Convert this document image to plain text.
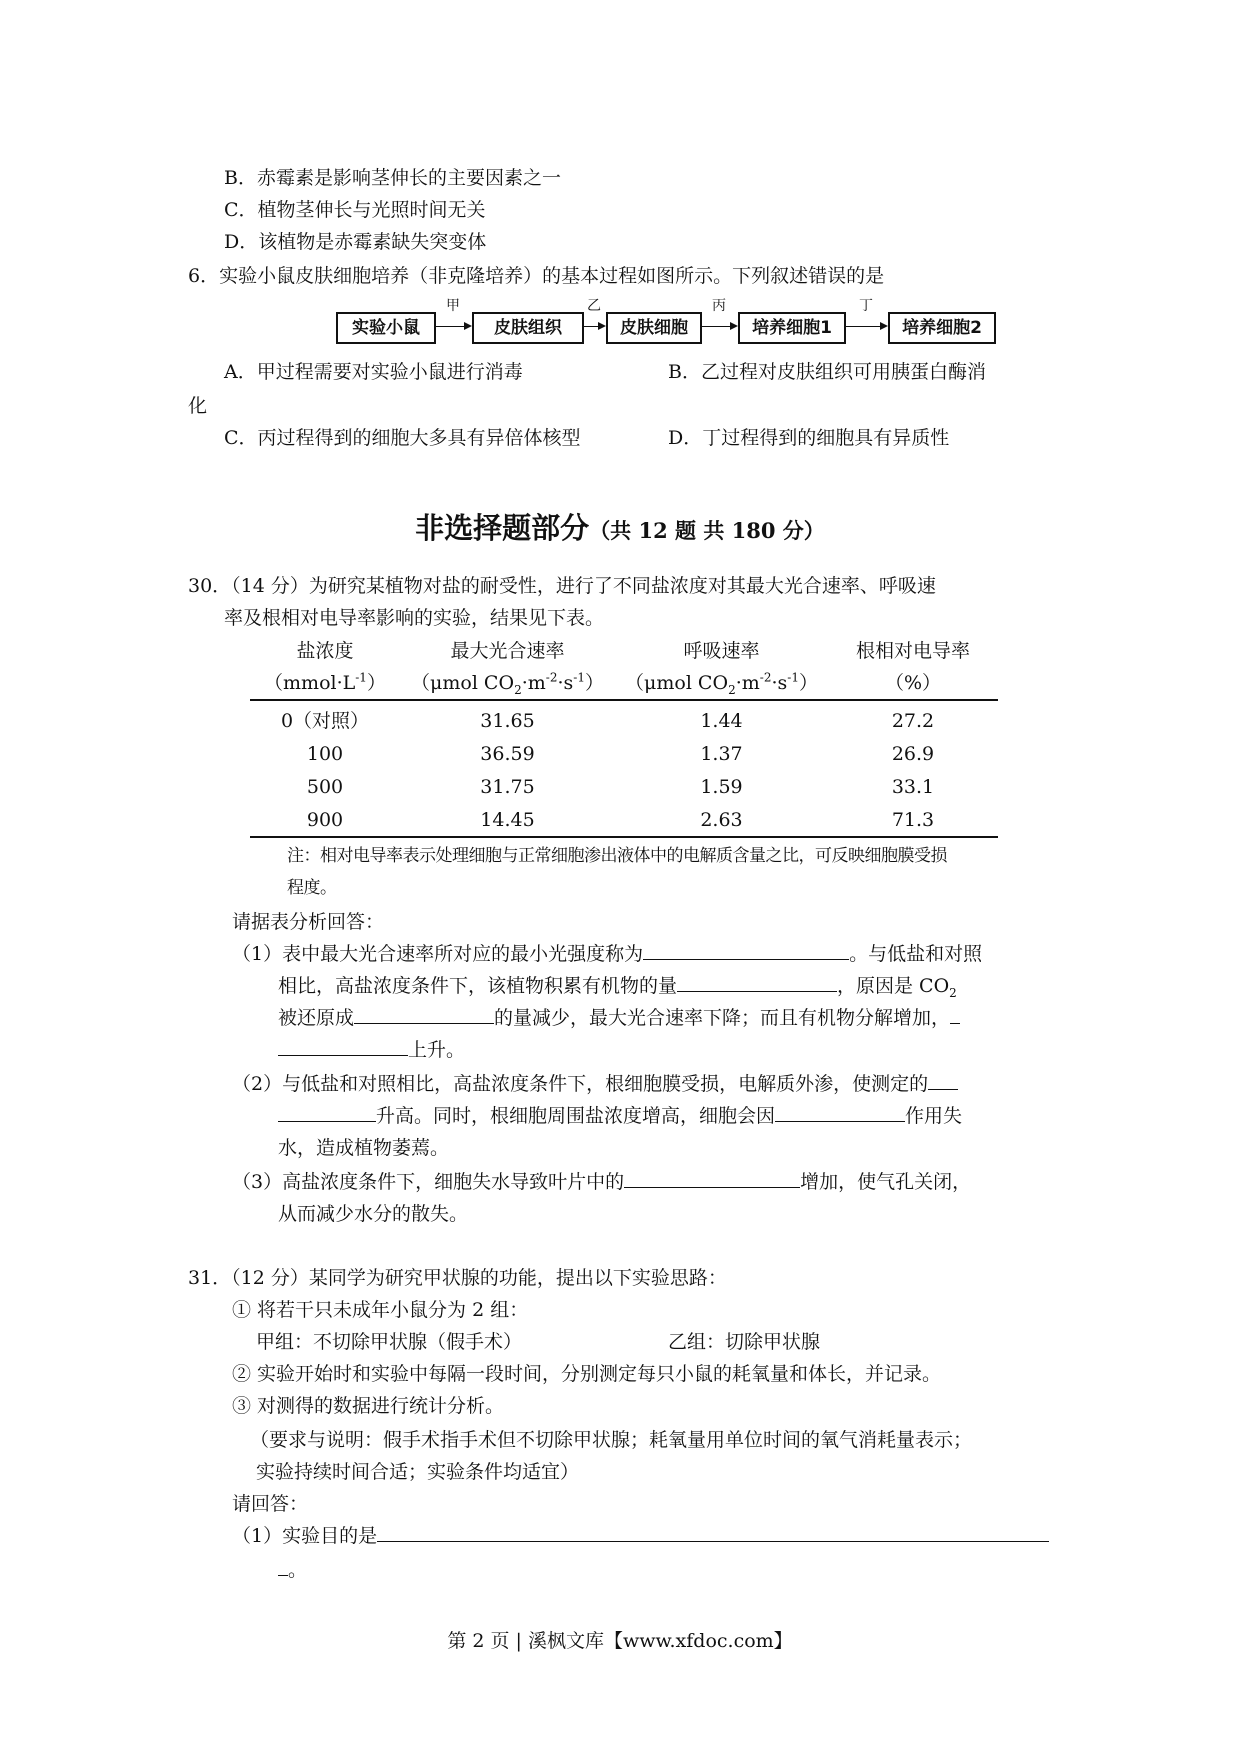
B．赤霉素是影响茎伸长的主要因素之一
C．植物茎伸长与光照时间无关
D．该植物是赤霉素缺失突变体
6．实验小鼠皮肤细胞培养（非克隆培养）的基本过程如图所示。下列叙述错误的是
实验小鼠
甲
皮肤组织
乙
皮肤细胞
丙
培养细胞1
丁
培养细胞2
A．甲过程需要对实验小鼠进行消毒	B．乙过程对皮肤组织可用胰蛋白酶消
化
C．丙过程得到的细胞大多具有异倍体核型	D．丁过程得到的细胞具有异质性
非选择题部分（共 12 题 共 180 分）
30．（14 分）为研究某植物对盐的耐受性，进行了不同盐浓度对其最大光合速率、呼吸速
率及根相对电导率影响的实验，结果见下表。
盐浓度	最大光合速率	呼吸速率	根相对电导率
$(mmol\cdot L^{-1})$	（μmol $CO_2\cdot m^{-2}\cdot s^{-1}$）	（μmol $CO_2\cdot m^{-2}\cdot s^{-1}$）	（%）
0（对照）	31.65	1.44	27.2
100	36.59	1.37	26.9
500	31.75	1.59	33.1
900	14.45	2.63	71.3
注：相对电导率表示处理细胞与正常细胞渗出液体中的电解质含量之比，可反映细胞膜受损
程度。
请据表分析回答：
（1）表中最大光合速率所对应的最小光强度称为	。与低盐和对照
相比，高盐浓度条件下，该植物积累有机物的量	，原因是 $CO_2$
被还原成	的量减少，最大光合速率下降；而且有机物分解增加，
上升。
（2）与低盐和对照相比，高盐浓度条件下，根细胞膜受损，电解质外渗，使测定的
升高。同时，根细胞周围盐浓度增高，细胞会因	作用失
水，造成植物萎蔫。
（3）高盐浓度条件下，细胞失水导致叶片中的	增加，使气孔关闭，
从而减少水分的散失。
31．（12 分）某同学为研究甲状腺的功能，提出以下实验思路：
① 将若干只未成年小鼠分为 2 组：
甲组：不切除甲状腺（假手术）	乙组：切除甲状腺
② 实验开始时和实验中每隔一段时间，分别测定每只小鼠的耗氧量和体长，并记录。
③ 对测得的数据进行统计分析。
（要求与说明：假手术指手术但不切除甲状腺；耗氧量用单位时间的氧气消耗量表示；
实验持续时间合适；实验条件均适宜）
请回答：
（1）实验目的是
。
第 2 页 | 溪枫文库【www.xfdoc.com】
